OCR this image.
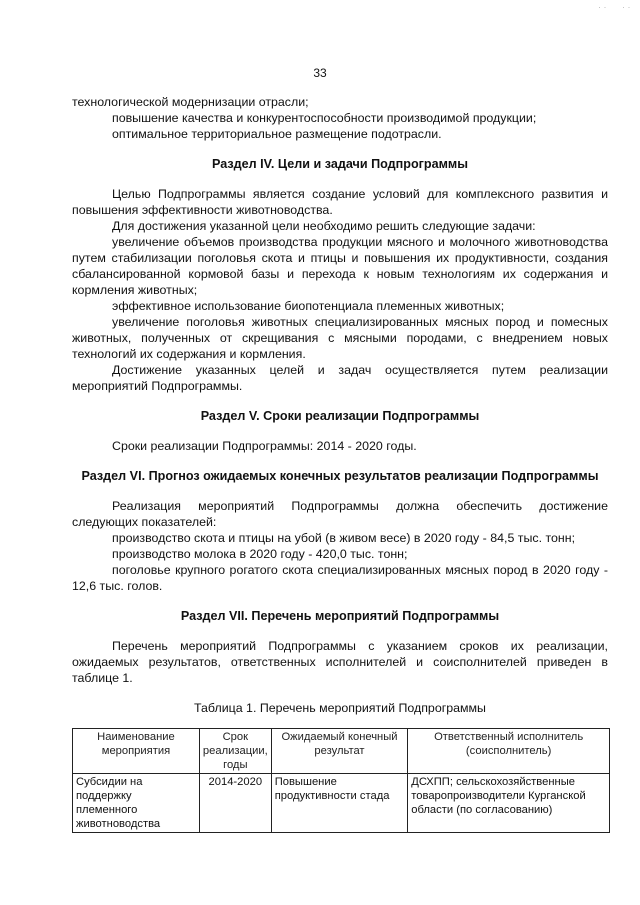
· · · ·
33

технологической модернизации отрасли;

повышение качества и конкурентоспособности производимой продукции;

оптимальное территориальное размещение подотрасли.

Раздел IV. Цели и задачи Подпрограммы

Целью Подпрограммы является создание условий для комплексного развития и повышения эффективности животноводства.

Для достижения указанной цели необходимо решить следующие задачи:

увеличение объемов производства продукции мясного и молочного животноводства путем стабилизации поголовья скота и птицы и повышения их продуктивности, создания сбалансированной кормовой базы и перехода к новым технологиям их содержания и кормления животных;

эффективное использование биопотенциала племенных животных;

увеличение поголовья животных специализированных мясных пород и помесных животных, полученных от скрещивания с мясными породами, с внедрением новых технологий их содержания и кормления.

Достижение указанных целей и задач осуществляется путем реализации мероприятий Подпрограммы.

Раздел V. Сроки реализации Подпрограммы

Сроки реализации Подпрограммы: 2014 - 2020 годы.

Раздел VI. Прогноз ожидаемых конечных результатов реализации Подпрограммы

Реализация мероприятий Подпрограммы должна обеспечить достижение следующих показателей:

производство скота и птицы на убой (в живом весе) в 2020 году - 84,5 тыс. тонн;

производство молока в 2020 году - 420,0 тыс. тонн;

поголовье крупного рогатого скота специализированных мясных пород в 2020 году - 12,6 тыс. голов.

Раздел VII. Перечень мероприятий Подпрограммы

Перечень мероприятий Подпрограммы с указанием сроков их реализации, ожидаемых результатов, ответственных исполнителей и соисполнителей приведен в таблице 1.

Таблица 1. Перечень мероприятий Подпрограммы

Наименование мероприятия	Срок реализации, годы	Ожидаемый конечный результат	Ответственный исполнитель (соисполнитель)
Субсидии на поддержку племенного животноводства	2014-2020	Повышение продуктивности стада	ДСХПП; сельскохозяйственные товаропроизводители Курганской области (по согласованию)
